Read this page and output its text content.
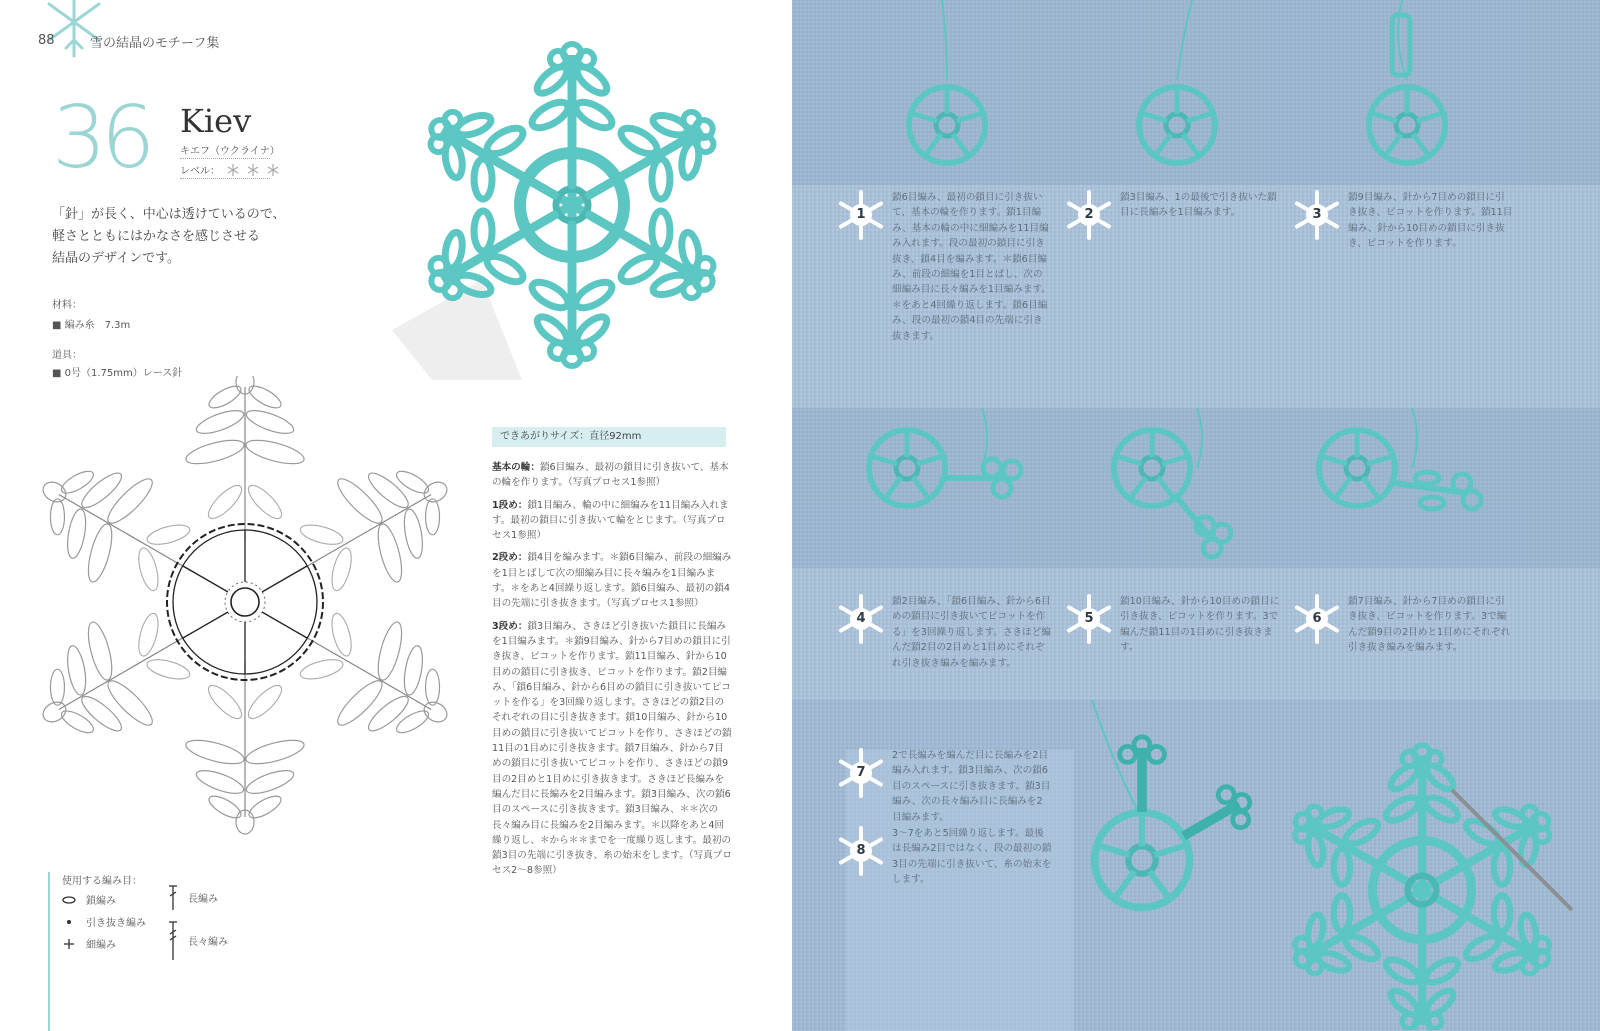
88	雪の結晶のモチーフ集
36 Kiev
キエフ（ウクライナ）
レベル：
「針」が長く、中心は透けているので、
軽さとともにはかなさを感じさせる
結晶のデザインです。
材料：
■ 編み糸　7.3m
道具：
■ 0号（1.75mm）レース針
できあがりサイズ：直径92mm

基本の輪：鎖6目編み、最初の鎖目に引き抜いて、基本の輪を作ります。（写真プロセス1参照）

1段め：鎖1目編み、輪の中に細編みを11目編み入れます。最初の鎖目に引き抜いて輪をとじます。（写真プロセス1参照）

2段め：鎖4目を編みます。＊鎖6目編み、前段の細編みを1目とばして次の細編み目に長々編みを1目編みます。＊をあと4回繰り返します。鎖6目編み、最初の鎖4目の先端に引き抜きます。（写真プロセス1参照）

3段め：鎖3目編み、さきほど引き抜いた鎖目に長編みを1目編みます。＊鎖9目編み、針から7目めの鎖目に引き抜き、ピコットを作ります。鎖11目編み、針から10目めの鎖目に引き抜き、ピコットを作ります。鎖2目編み、「鎖6目編み、針から6目めの鎖目に引き抜いてピコットを作る」を3回繰り返します。さきほどの鎖2目のそれぞれの目に引き抜きます。鎖10目編み、針から10目めの鎖目に引き抜いてピコットを作り、さきほどの鎖11目の1目めに引き抜きます。鎖7目編み、針から7目めの鎖目に引き抜いてピコットを作り、さきほどの鎖9目の2目めと1目めに引き抜きます。さきほど長編みを編んだ目に長編みを2目編みます。鎖3目編み、次の鎖6目のスペースに引き抜きます。鎖3目編み、＊＊次の長々編み目に長編みを2目編みます。＊以降をあと4回繰り返し、＊から＊＊までを一度繰り返します。最初の鎖3目の先端に引き抜き、糸の始末をします。（写真プロセス2〜8参照）

使用する編み目：
鎖編み
引き抜き編み
細編み
長編み
長々編み
1
鎖6目編み、最初の鎖目に引き抜いて、基本の輪を作ります。鎖1目編み、基本の輪の中に細編みを11目編み入れます。段の最初の鎖目に引き抜き、鎖4目を編みます。＊鎖6目編み、前段の細編を1目とばし、次の細編み目に長々編みを1目編みます。＊をあと4回繰り返します。鎖6目編み、段の最初の鎖4目の先端に引き抜きます。
2
鎖3目編み、1の最後で引き抜いた鎖目に長編みを1目編みます。	3
鎖9目編み、針から7目めの鎖目に引き抜き、ピコットを作ります。鎖11目編み、針から10目めの鎖目に引き抜き、ピコットを作ります。
4
鎖2目編み、「鎖6目編み、針から6目めの鎖目に引き抜いてピコットを作る」を3回繰り返します。さきほど編んだ鎖2目の2目めと1目めにそれぞれ引き抜き編みを編みます。
5
鎖10目編み、針から10目めの鎖目に引き抜き、ピコットを作ります。3で編んだ鎖11目の1目めに引き抜きます。
6
鎖7目編み、針から7目めの鎖目に引き抜き、ピコットを作ります。3で編んだ鎖9目の2目めと1目めにそれぞれ引き抜き編みを編みます。
7
2で長編みを編んだ目に長編みを2目編み入れます。鎖3目編み、次の鎖6目のスペースに引き抜きます。鎖3目編み、次の長々編み目に長編みを2目編みます。
8
3〜7をあと5回繰り返します。最後は長編み2目ではなく、段の最初の鎖3目の先端に引き抜いて、糸の始末をします。
